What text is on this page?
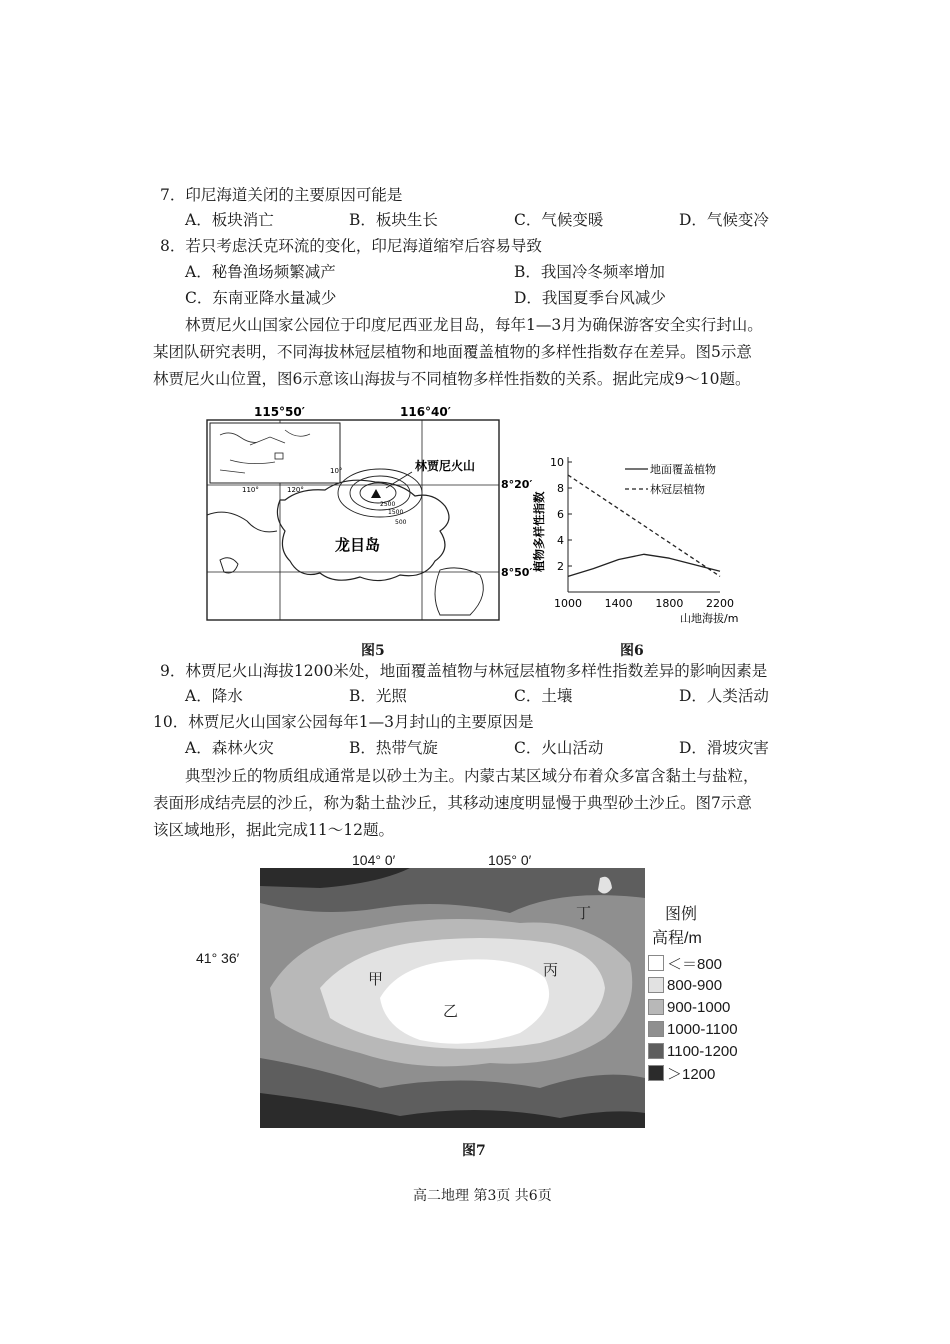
7．印尼海道关闭的主要原因可能是
A．板块消亡	B．板块生长	C．气候变暖	D．气候变冷
8．若只考虑沃克环流的变化，印尼海道缩窄后容易导致
A．秘鲁渔场频繁减产	B．我国冷冬频率增加
C．东南亚降水量减少	D．我国夏季台风减少
林贾尼火山国家公园位于印度尼西亚龙目岛，每年1—3月为确保游客安全实行封山。
某团队研究表明，不同海拔林冠层植物和地面覆盖植物的多样性指数存在差异。图5示意
林贾尼火山位置，图6示意该山海拔与不同植物多样性指数的关系。据此完成9～10题。
115°50′	116°40′
110°	120°
10°	林贾尼火山
2500
1500
500
龙目岛
8°20′
8°50′
植物多样性指数 2
4
6
8
10
1000 1400 1800 2200
地面覆盖植物
林冠层植物
山地海拔/m
图5	图6
9．林贾尼火山海拔1200米处，地面覆盖植物与林冠层植物多样性指数差异的影响因素是
A．降水	B．光照	C．土壤	D．人类活动
10．林贾尼火山国家公园每年1—3月封山的主要原因是
A．森林火灾	B．热带气旋	C．火山活动	D．滑坡灾害
典型沙丘的物质组成通常是以砂土为主。内蒙古某区域分布着众多富含黏土与盐粒，
表面形成结壳层的沙丘，称为黏土盐沙丘，其移动速度明显慢于典型砂土沙丘。图7示意
该区域地形，据此完成11～12题。
104° 0′	105° 0′
41° 36′
甲
乙
丙
丁	图例
高程/m
＜＝800
800-900
900-1000
1000-1100
1100-1200
＞1200
图7
高二地理 第3页 共6页
